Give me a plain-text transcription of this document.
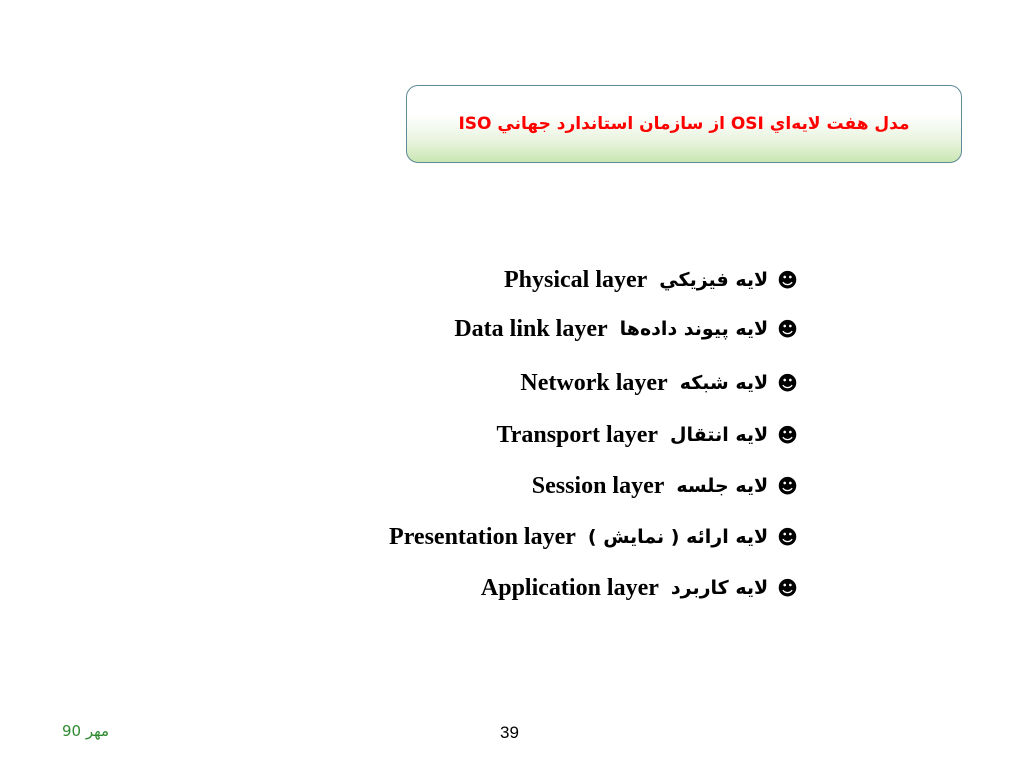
مدل هفت لايه‌اي OSI از سازمان استاندارد جهاني ISO
Physical layer لايه فيزيکي ☻
Data link layer لايه پيوند داده‌ها ☻
Network layer لايه شبکه ☻
Transport layer لايه انتقال ☻
Session layer لايه جلسه ☻
Presentation layer لايه ارائه ( نمايش ) ☻
Application layer لايه کاربرد ☻
مهر 90	39
